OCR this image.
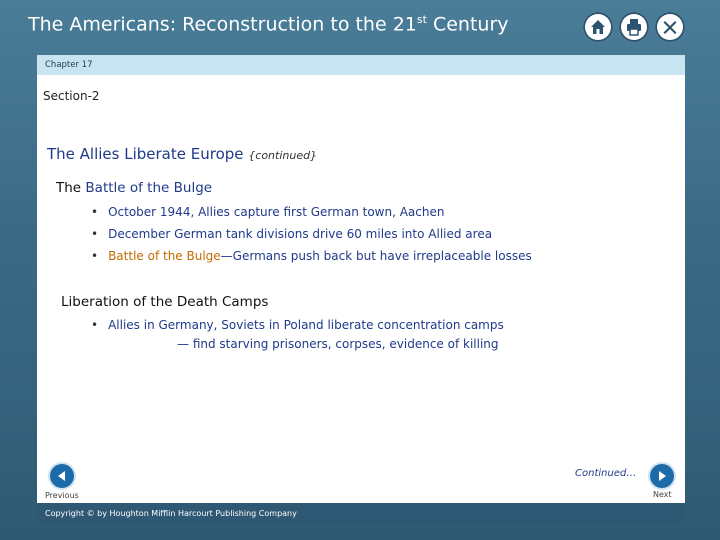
The Americans: Reconstruction to the 21st Century
Chapter 17
Section-2
The Allies Liberate Europe {continued}
The Battle of the Bulge
• October 1944, Allies capture first German town, Aachen
• December German tank divisions drive 60 miles into Allied area
• Battle of the Bulge—Germans push back but have irreplaceable losses
Liberation of the Death Camps
• Allies in Germany, Soviets in Poland liberate concentration camps
— find starving prisoners, corpses, evidence of killing
Continued…
Previous	Next
Copyright © by Houghton Mifflin Harcourt Publishing Company
